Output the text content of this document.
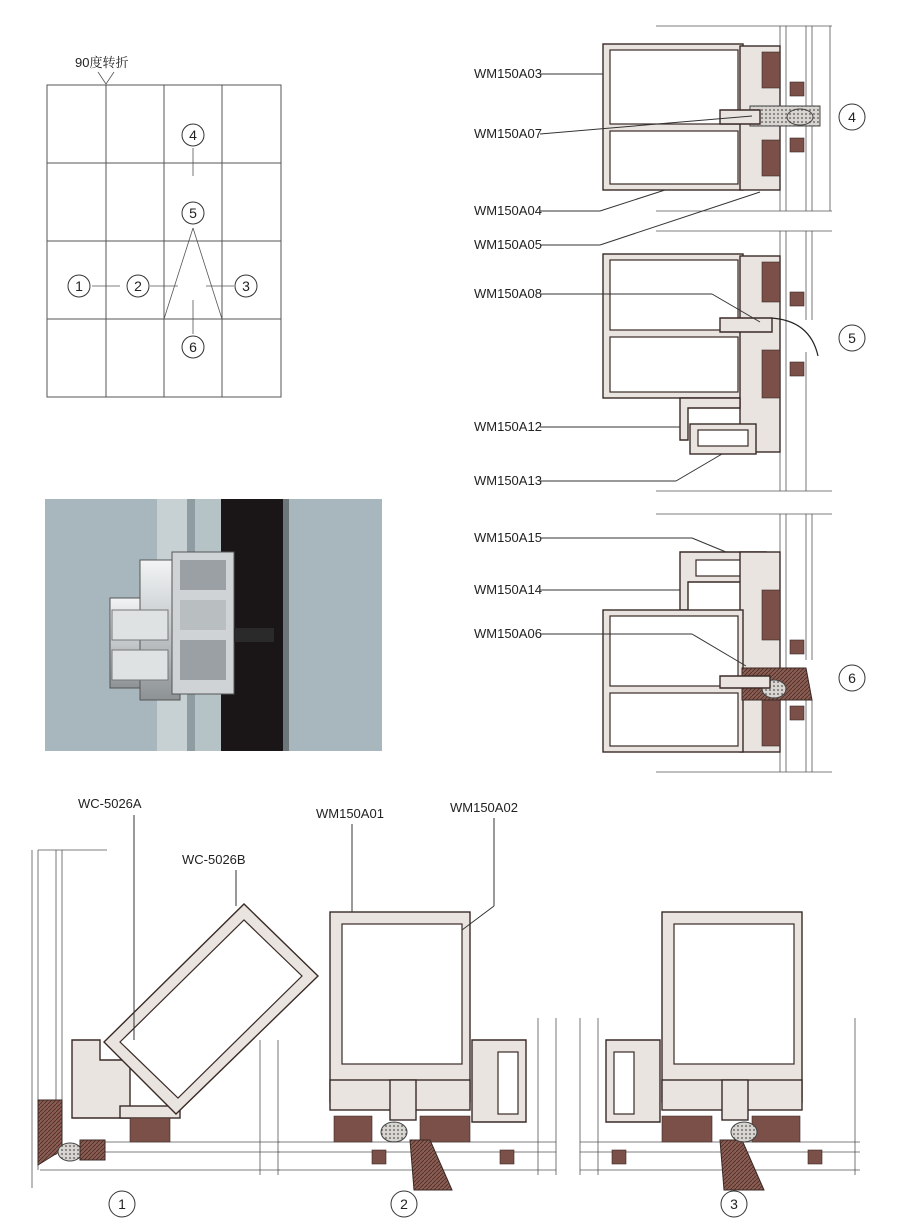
90度转折
1	2	3
4
5
6
WM150A03
WM150A07
WM150A04
WM150A05
4
WM150A08
WM150A12
WM150A13
5
WM150A15
WM150A14
WM150A06
6
WC-5026A
WC-5026B
1
WM150A01	WM150A02
2	3
